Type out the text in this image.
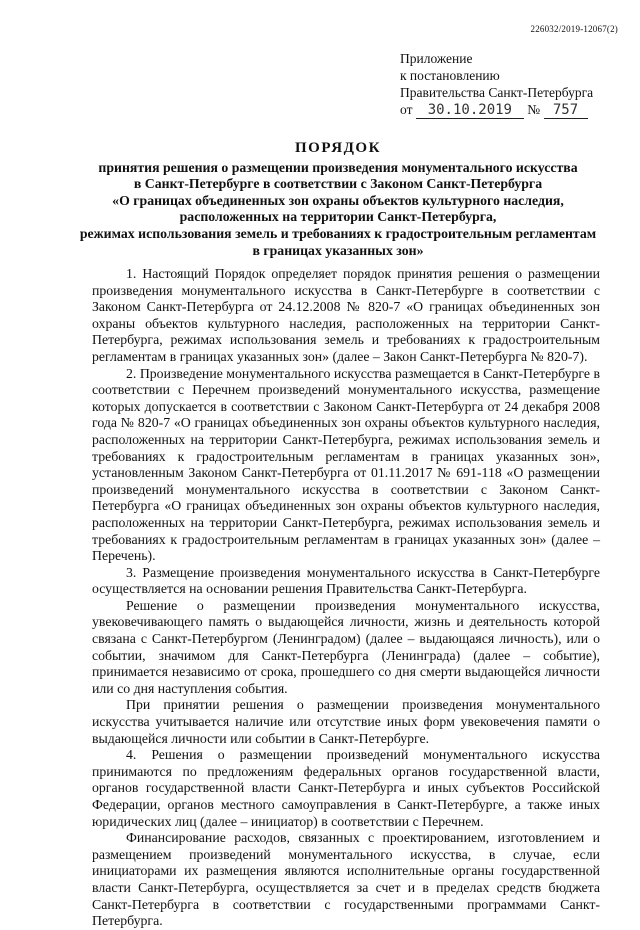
226032/2019-12067(2)
Приложение
к постановлению
Правительства Санкт-Петербурга
от 30.10.2019 № 757
ПОРЯДОК
принятия решения о размещении произведения монументального искусства
в Санкт-Петербурге в соответствии с Законом Санкт-Петербурга
«О границах объединенных зон охраны объектов культурного наследия,
расположенных на территории Санкт-Петербурга,
режимах использования земель и требованиях к градостроительным регламентам
в границах указанных зон»

1. Настоящий Порядок определяет порядок принятия решения о размещении произведения монументального искусства в Санкт-Петербурге в соответствии с Законом Санкт-Петербурга от 24.12.2008 № 820-7 «О границах объединенных зон охраны объектов культурного наследия, расположенных на территории Санкт-Петербурга, режимах использования земель и требованиях к градостроительным регламентам в границах указанных зон» (далее – Закон Санкт-Петербурга № 820-7).

2. Произведение монументального искусства размещается в Санкт-Петербурге в соответствии с Перечнем произведений монументального искусства, размещение которых допускается в соответствии с Законом Санкт-Петербурга от 24 декабря 2008 года № 820-7 «О границах объединенных зон охраны объектов культурного наследия, расположенных на территории Санкт-Петербурга, режимах использования земель и требованиях к градостроительным регламентам в границах указанных зон», установленным Законом Санкт-Петербурга от 01.11.2017 № 691-118 «О размещении произведений монументального искусства в соответствии с Законом Санкт-Петербурга «О границах объединенных зон охраны объектов культурного наследия, расположенных на территории Санкт-Петербурга, режимах использования земель и требованиях к градостроительным регламентам в границах указанных зон» (далее – Перечень).

3. Размещение произведения монументального искусства в Санкт-Петербурге осуществляется на основании решения Правительства Санкт-Петербурга.

Решение о размещении произведения монументального искусства, увековечивающего память о выдающейся личности, жизнь и деятельность которой связана с Санкт-Петербургом (Ленинградом) (далее – выдающаяся личность), или о событии, значимом для Санкт-Петербурга (Ленинграда) (далее – событие), принимается независимо от срока, прошедшего со дня смерти выдающейся личности или со дня наступления события.

При принятии решения о размещении произведения монументального искусства учитывается наличие или отсутствие иных форм увековечения памяти о выдающейся личности или событии в Санкт-Петербурге.

4. Решения о размещении произведений монументального искусства принимаются по предложениям федеральных органов государственной власти, органов государственной власти Санкт-Петербурга и иных субъектов Российской Федерации, органов местного самоуправления в Санкт-Петербурге, а также иных юридических лиц (далее – инициатор) в соответствии с Перечнем.

Финансирование расходов, связанных с проектированием, изготовлением и размещением произведений монументального искусства, в случае, если инициаторами их размещения являются исполнительные органы государственной власти Санкт-Петербурга, осуществляется за счет и в пределах средств бюджета Санкт-Петербурга в соответствии с государственными программами Санкт-Петербурга.
